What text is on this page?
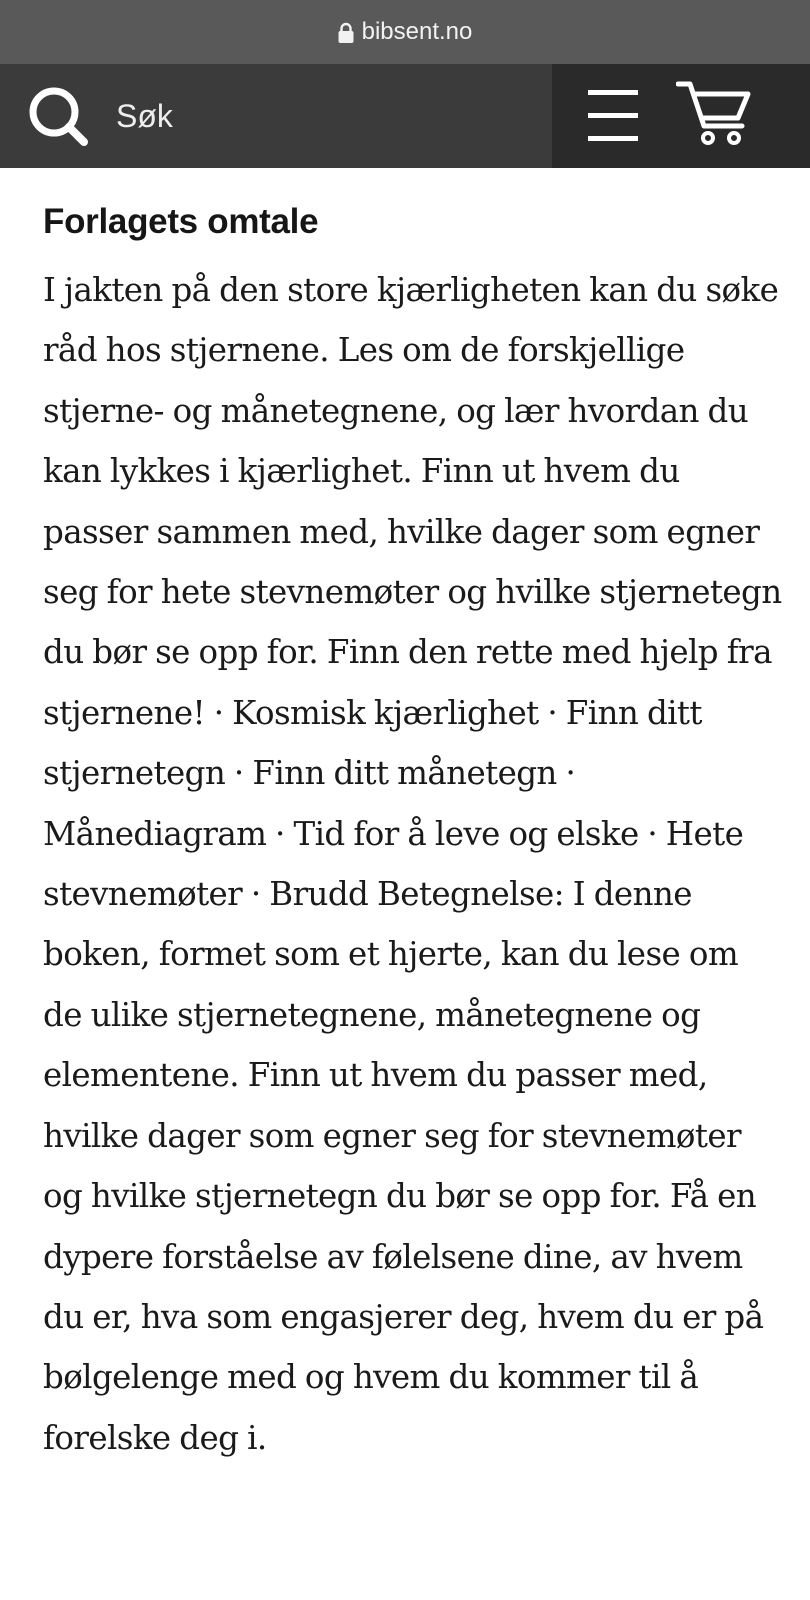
bibsent.no
Søk
Forlagets omtale

I jakten på den store kjærligheten kan du søke råd hos stjernene. Les om de forskjellige stjerne- og månetegnene, og lær hvordan du kan lykkes i kjærlighet. Finn ut hvem du passer sammen med, hvilke dager som egner seg for hete stevnemøter og hvilke stjernetegn du bør se opp for. Finn den rette med hjelp fra stjernene! · Kosmisk kjærlighet · Finn ditt stjernetegn · Finn ditt månetegn · Månediagram · Tid for å leve og elske · Hete stevnemøter · Brudd Betegnelse: I denne boken, formet som et hjerte, kan du lese om de ulike stjernetegnene, månetegnene og elementene. Finn ut hvem du passer med, hvilke dager som egner seg for stevnemøter og hvilke stjernetegn du bør se opp for. Få en dypere forståelse av følelsene dine, av hvem du er, hva som engasjerer deg, hvem du er på bølgelenge med og hvem du kommer til å forelske deg i.
